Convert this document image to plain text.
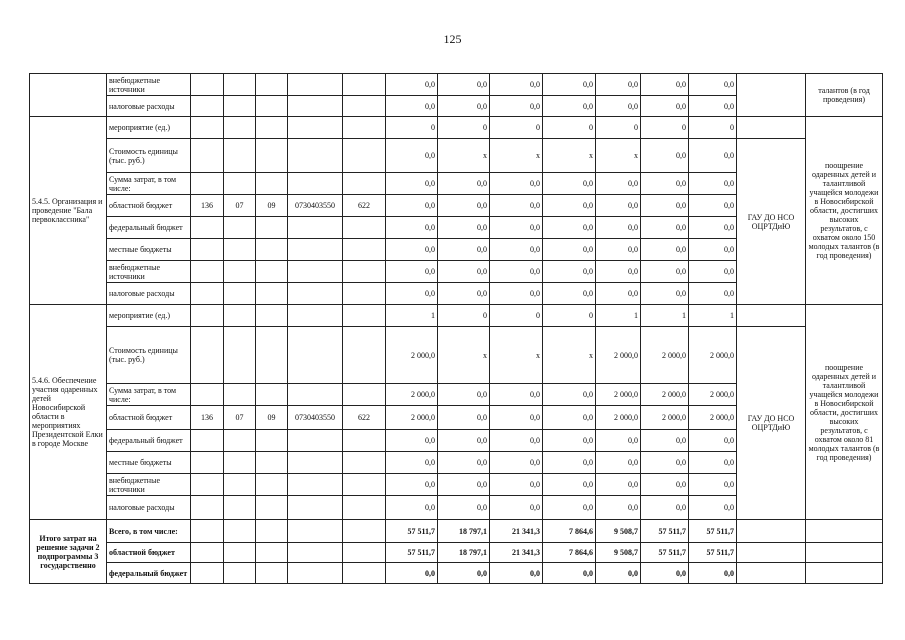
125
	внебюджетные источники						0,0	0,0	0,0	0,0	0,0	0,0	0,0		талантов (в год проведения)
	налоговые расходы						0,0	0,0	0,0	0,0	0,0	0,0	0,0		
5.4.5. Организация и проведение "Бала первоклассника"	мероприятие (ед.)						0	0	0	0	0	0	0		поощрение одаренных детей и талантливой учащейся молодежи в Новосибирской области, достигших высоких результатов, с охватом около 150 молодых талантов (в год проведения)
	Стоимость единицы (тыс. руб.)						0,0	x	x	x	x	0,0	0,0	ГАУ ДО НСО ОЦРТДиЮ	
	Сумма затрат, в том числе:						0,0	0,0	0,0	0,0	0,0	0,0	0,0		
	областной бюджет	136	07	09	0730403550	622	0,0	0,0	0,0	0,0	0,0	0,0	0,0		
	федеральный бюджет						0,0	0,0	0,0	0,0	0,0	0,0	0,0		
	местные бюджеты						0,0	0,0	0,0	0,0	0,0	0,0	0,0		
	внебюджетные источники						0,0	0,0	0,0	0,0	0,0	0,0	0,0		
	налоговые расходы						0,0	0,0	0,0	0,0	0,0	0,0	0,0		
5.4.6. Обеспечение участия одаренных детей Новосибирской области в мероприятиях Президентской Елки в городе Москве	мероприятие (ед.)						1	0	0	0	1	1	1		поощрение одаренных детей и талантливой учащейся молодежи в Новосибирской области, достигших высоких результатов, с охватом около 81 молодых талантов (в год проведения)
	Стоимость единицы (тыс. руб.)						2 000,0	x	x	x	2 000,0	2 000,0	2 000,0	ГАУ ДО НСО ОЦРТДиЮ	
	Сумма затрат, в том числе:						2 000,0	0,0	0,0	0,0	2 000,0	2 000,0	2 000,0		
	областной бюджет	136	07	09	0730403550	622	2 000,0	0,0	0,0	0,0	2 000,0	2 000,0	2 000,0		
	федеральный бюджет						0,0	0,0	0,0	0,0	0,0	0,0	0,0		
	местные бюджеты						0,0	0,0	0,0	0,0	0,0	0,0	0,0		
	внебюджетные источники						0,0	0,0	0,0	0,0	0,0	0,0	0,0		
	налоговые расходы						0,0	0,0	0,0	0,0	0,0	0,0	0,0		
Итого затрат на решение задачи 2 подпрограммы 3 государственно	Всего, в том числе:						57 511,7	18 797,1	21 341,3	7 864,6	9 508,7	57 511,7	57 511,7		
	областной бюджет						57 511,7	18 797,1	21 341,3	7 864,6	9 508,7	57 511,7	57 511,7		
	федеральный бюджет						0,0	0,0	0,0	0,0	0,0	0,0	0,0		
